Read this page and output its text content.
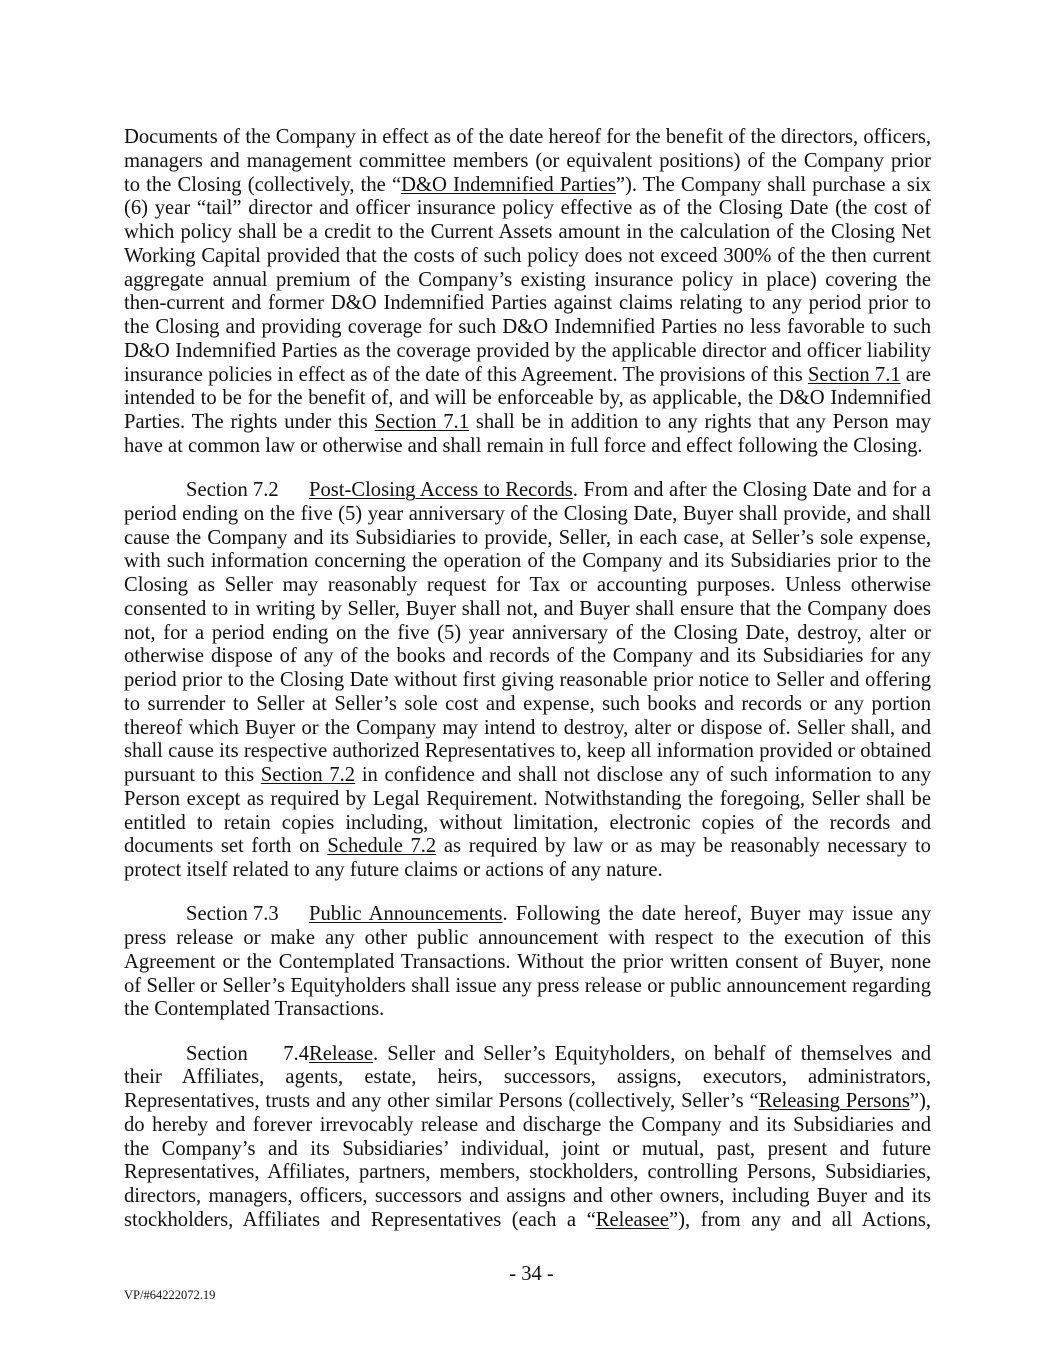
Documents of the Company in effect as of the date hereof for the benefit of the directors, officers, managers and management committee members (or equivalent positions) of the Company prior to the Closing (collectively, the “D&O Indemnified Parties”). The Company shall purchase a six (6) year “tail” director and officer insurance policy effective as of the Closing Date (the cost of which policy shall be a credit to the Current Assets amount in the calculation of the Closing Net Working Capital provided that the costs of such policy does not exceed 300% of the then current aggregate annual premium of the Company’s existing insurance policy in place) covering the then-current and former D&O Indemnified Parties against claims relating to any period prior to the Closing and providing coverage for such D&O Indemnified Parties no less favorable to such D&O Indemnified Parties as the coverage provided by the applicable director and officer liability insurance policies in effect as of the date of this Agreement. The provisions of this Section 7.1 are intended to be for the benefit of, and will be enforceable by, as applicable, the D&O Indemnified Parties. The rights under this Section 7.1 shall be in addition to any rights that any Person may have at common law or otherwise and shall remain in full force and effect following the Closing.

Section 7.2 Post-Closing Access to Records. From and after the Closing Date and for a period ending on the five (5) year anniversary of the Closing Date, Buyer shall provide, and shall cause the Company and its Subsidiaries to provide, Seller, in each case, at Seller’s sole expense, with such information concerning the operation of the Company and its Subsidiaries prior to the Closing as Seller may reasonably request for Tax or accounting purposes. Unless otherwise consented to in writing by Seller, Buyer shall not, and Buyer shall ensure that the Company does not, for a period ending on the five (5) year anniversary of the Closing Date, destroy, alter or otherwise dispose of any of the books and records of the Company and its Subsidiaries for any period prior to the Closing Date without first giving reasonable prior notice to Seller and offering to surrender to Seller at Seller’s sole cost and expense, such books and records or any portion thereof which Buyer or the Company may intend to destroy, alter or dispose of. Seller shall, and shall cause its respective authorized Representatives to, keep all information provided or obtained pursuant to this Section 7.2 in confidence and shall not disclose any of such information to any Person except as required by Legal Requirement. Notwithstanding the foregoing, Seller shall be entitled to retain copies including, without limitation, electronic copies of the records and documents set forth on Schedule 7.2 as required by law or as may be reasonably necessary to protect itself related to any future claims or actions of any nature.

Section 7.3 Public Announcements. Following the date hereof, Buyer may issue any press release or make any other public announcement with respect to the execution of this Agreement or the Contemplated Transactions. Without the prior written consent of Buyer, none of Seller or Seller’s Equityholders shall issue any press release or public announcement regarding the Contemplated Transactions.

Section 7.4Release. Seller and Seller’s Equityholders, on behalf of themselves and their Affiliates, agents, estate, heirs, successors, assigns, executors, administrators, Representatives, trusts and any other similar Persons (collectively, Seller’s “Releasing Persons”), do hereby and forever irrevocably release and discharge the Company and its Subsidiaries and the Company’s and its Subsidiaries’ individual, joint or mutual, past, present and future Representatives, Affiliates, partners, members, stockholders, controlling Persons, Subsidiaries, directors, managers, officers, successors and assigns and other owners, including Buyer and its stockholders, Affiliates and Representatives (each a “Releasee”), from any and all Actions,

- 34 -
VP/#64222072.19
